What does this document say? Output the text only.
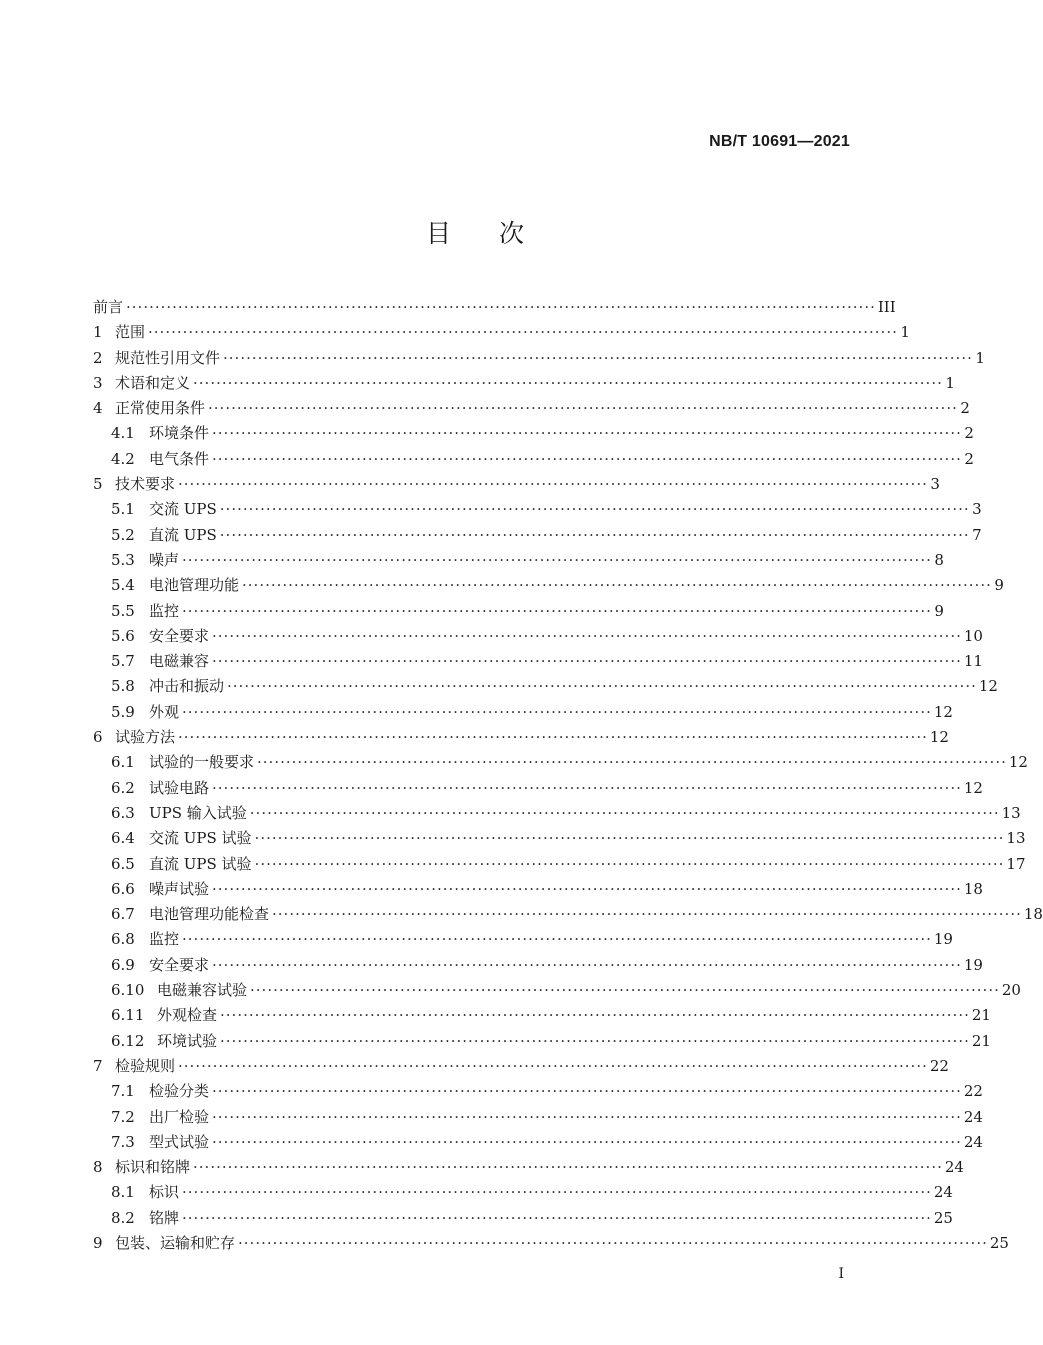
NB/T 10691—2021
目次
前言 ·································································································································· III
1 范围 ·································································································································· 1
2 规范性引用文件 ·································································································································· 1
3 术语和定义 ·································································································································· 1
4 正常使用条件 ·································································································································· 2
4.1 环境条件 ·································································································································· 2
4.2 电气条件 ·································································································································· 2
5 技术要求 ·································································································································· 3
5.1 交流 UPS ·································································································································· 3
5.2 直流 UPS ·································································································································· 7
5.3 噪声 ·································································································································· 8
5.4 电池管理功能 ·································································································································· 9
5.5 监控 ·································································································································· 9
5.6 安全要求 ·································································································································· 10
5.7 电磁兼容 ·································································································································· 11
5.8 冲击和振动 ·································································································································· 12
5.9 外观 ·································································································································· 12
6 试验方法 ·································································································································· 12
6.1 试验的一般要求 ·································································································································· 12
6.2 试验电路 ·································································································································· 12
6.3 UPS 输入试验 ·································································································································· 13
6.4 交流 UPS 试验 ·································································································································· 13
6.5 直流 UPS 试验 ·································································································································· 17
6.6 噪声试验 ·································································································································· 18
6.7 电池管理功能检查 ·································································································································· 18
6.8 监控 ·································································································································· 19
6.9 安全要求 ·································································································································· 19
6.10 电磁兼容试验 ·································································································································· 20
6.11 外观检查 ·································································································································· 21
6.12 环境试验 ·································································································································· 21
7 检验规则 ·································································································································· 22
7.1 检验分类 ·································································································································· 22
7.2 出厂检验 ·································································································································· 24
7.3 型式试验 ·································································································································· 24
8 标识和铭牌 ·································································································································· 24
8.1 标识 ·································································································································· 24
8.2 铭牌 ·································································································································· 25
9 包装、运输和贮存 ·································································································································· 25
I
